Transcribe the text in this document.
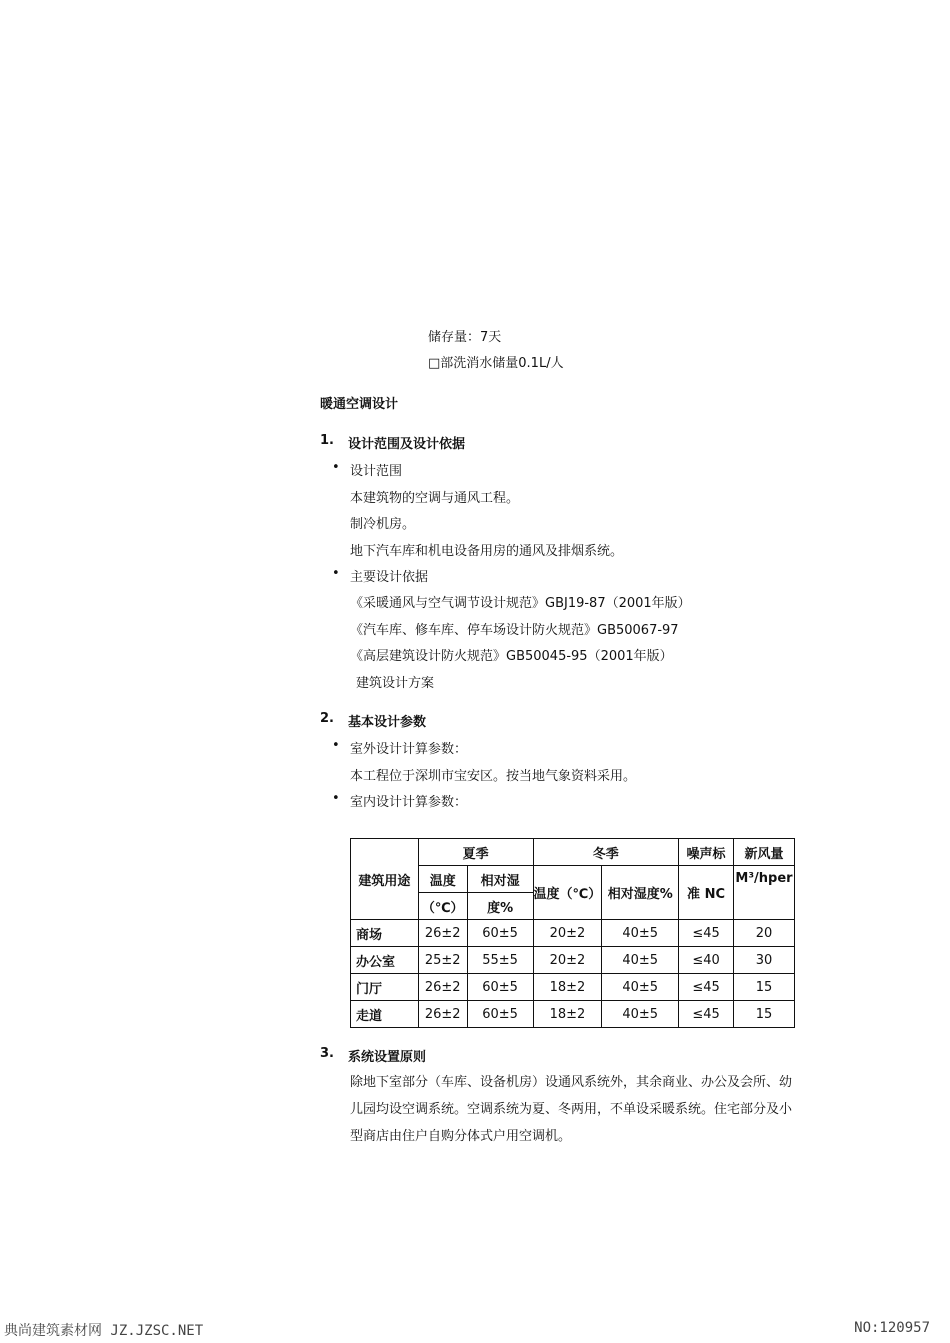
储存量：7天
□部洗消水储量0.1L/人
暖通空调设计
1. 设计范围及设计依据
• 设计范围
本建筑物的空调与通风工程。
制冷机房。
地下汽车库和机电设备用房的通风及排烟系统。
• 主要设计依据
《采暖通风与空气调节设计规范》GBJ19-87（2001年版）
《汽车库、修车库、停车场设计防火规范》GB50067-97
《高层建筑设计防火规范》GB50045-95（2001年版）
建筑设计方案
2. 基本设计参数
• 室外设计计算参数：
本工程位于深圳市宝安区。按当地气象资料采用。
• 室内设计计算参数：
建筑用途	夏季		冬季		噪声标	新风量
	温度	相对湿	温度（℃）	相对湿度%	准 NC	M³/hper
	（℃）	度%				
商场	26±2	60±5	20±2	40±5	≤45	20
办公室	25±2	55±5	20±2	40±5	≤40	30
门厅	26±2	60±5	18±2	40±5	≤45	15
走道	26±2	60±5	18±2	40±5	≤45	15
3. 系统设置原则
除地下室部分（车库、设备机房）设通风系统外，其余商业、办公及会所、幼儿园均设空调系统。空调系统为夏、冬两用，不单设采暖系统。住宅部分及小型商店由住户自购分体式户用空调机。
典尚建筑素材网 JZ.JZSC.NET	NO:120957
